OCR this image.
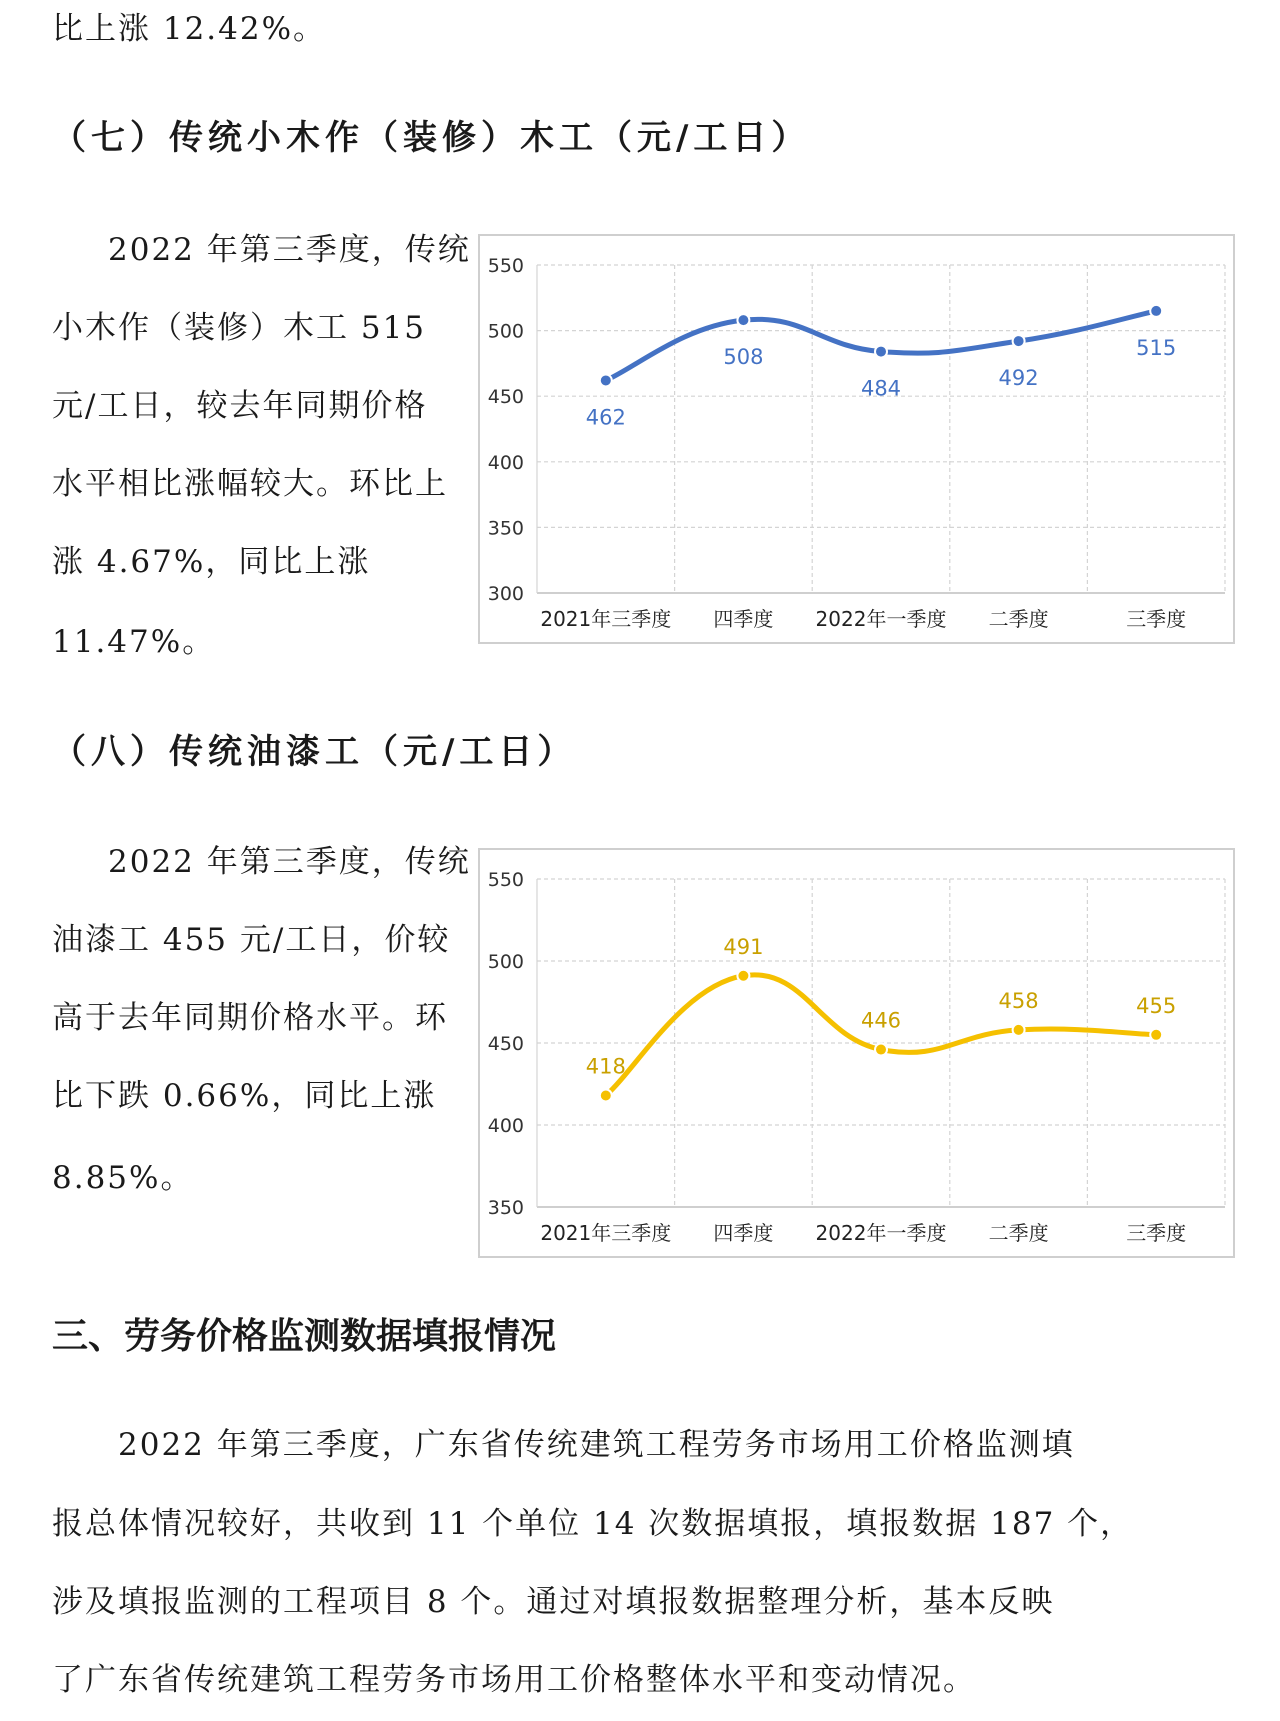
比上涨 12.42%。
（七）传统小木作（装修）木工（元/工日）
2022 年第三季度，传统
小木作（装修）木工 515
元/工日，较去年同期价格
水平相比涨幅较大。环比上
涨 4.67%，同比上涨
11.47%。
300
350
400
450
500
550
2021年三季度 四季度 2022年一季度 二季度	三季度
462
508
484	492
515
（八）传统油漆工（元/工日）
2022 年第三季度，传统
油漆工 455 元/工日，价较
高于去年同期价格水平。环
比下跌 0.66%，同比上涨
8.85%。
350
400
450
500
550
2021年三季度 四季度 2022年一季度 二季度	三季度
418
491
446
458	455
三、劳务价格监测数据填报情况
2022 年第三季度，广东省传统建筑工程劳务市场用工价格监测填
报总体情况较好，共收到 11 个单位 14 次数据填报，填报数据 187 个，
涉及填报监测的工程项目 8 个。通过对填报数据整理分析，基本反映
了广东省传统建筑工程劳务市场用工价格整体水平和变动情况。
